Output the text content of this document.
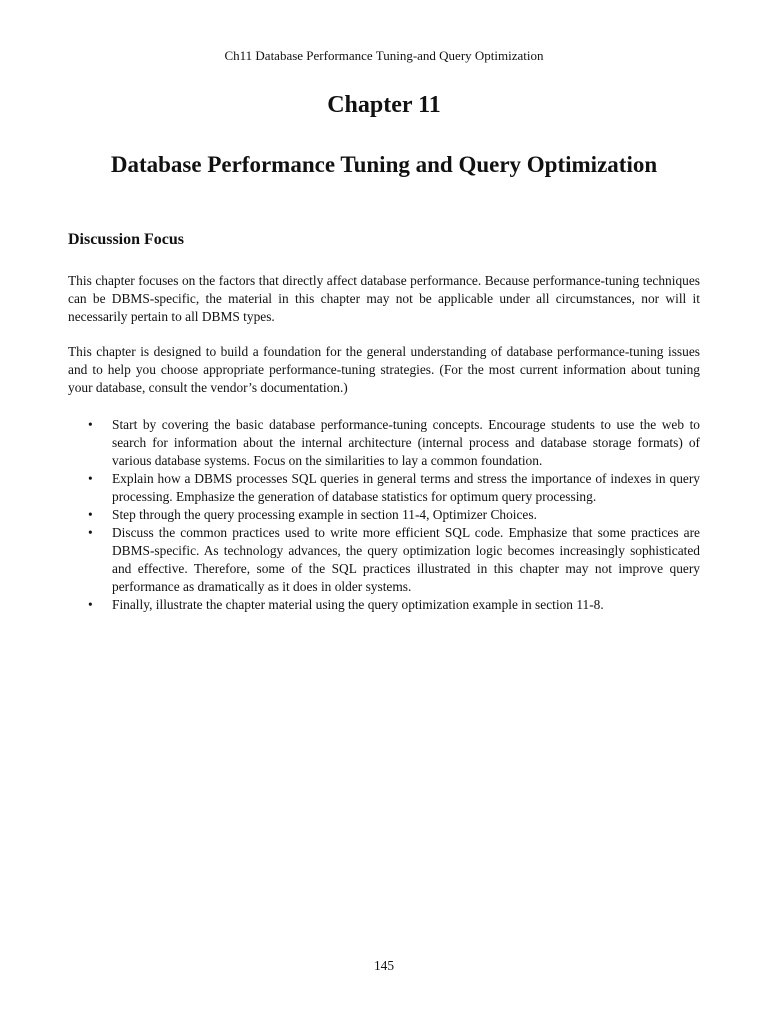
Ch11 Database Performance Tuning-and Query Optimization
Chapter 11
Database Performance Tuning and Query Optimization
Discussion Focus

This chapter focuses on the factors that directly affect database performance. Because performance-tuning techniques can be DBMS-specific, the material in this chapter may not be applicable under all circumstances, nor will it necessarily pertain to all DBMS types.

This chapter is designed to build a foundation for the general understanding of database performance-tuning issues and to help you choose appropriate performance-tuning strategies. (For the most current information about tuning your database, consult the vendor’s documentation.)

• Start by covering the basic database performance-tuning concepts. Encourage students to use the web to search for information about the internal architecture (internal process and database storage formats) of various database systems. Focus on the similarities to lay a common foundation.
• Explain how a DBMS processes SQL queries in general terms and stress the importance of indexes in query processing. Emphasize the generation of database statistics for optimum query processing.
• Step through the query processing example in section 11-4, Optimizer Choices.
• Discuss the common practices used to write more efficient SQL code. Emphasize that some practices are DBMS-specific. As technology advances, the query optimization logic becomes increasingly sophisticated and effective. Therefore, some of the SQL practices illustrated in this chapter may not improve query performance as dramatically as it does in older systems.
• Finally, illustrate the chapter material using the query optimization example in section 11-8.
145
